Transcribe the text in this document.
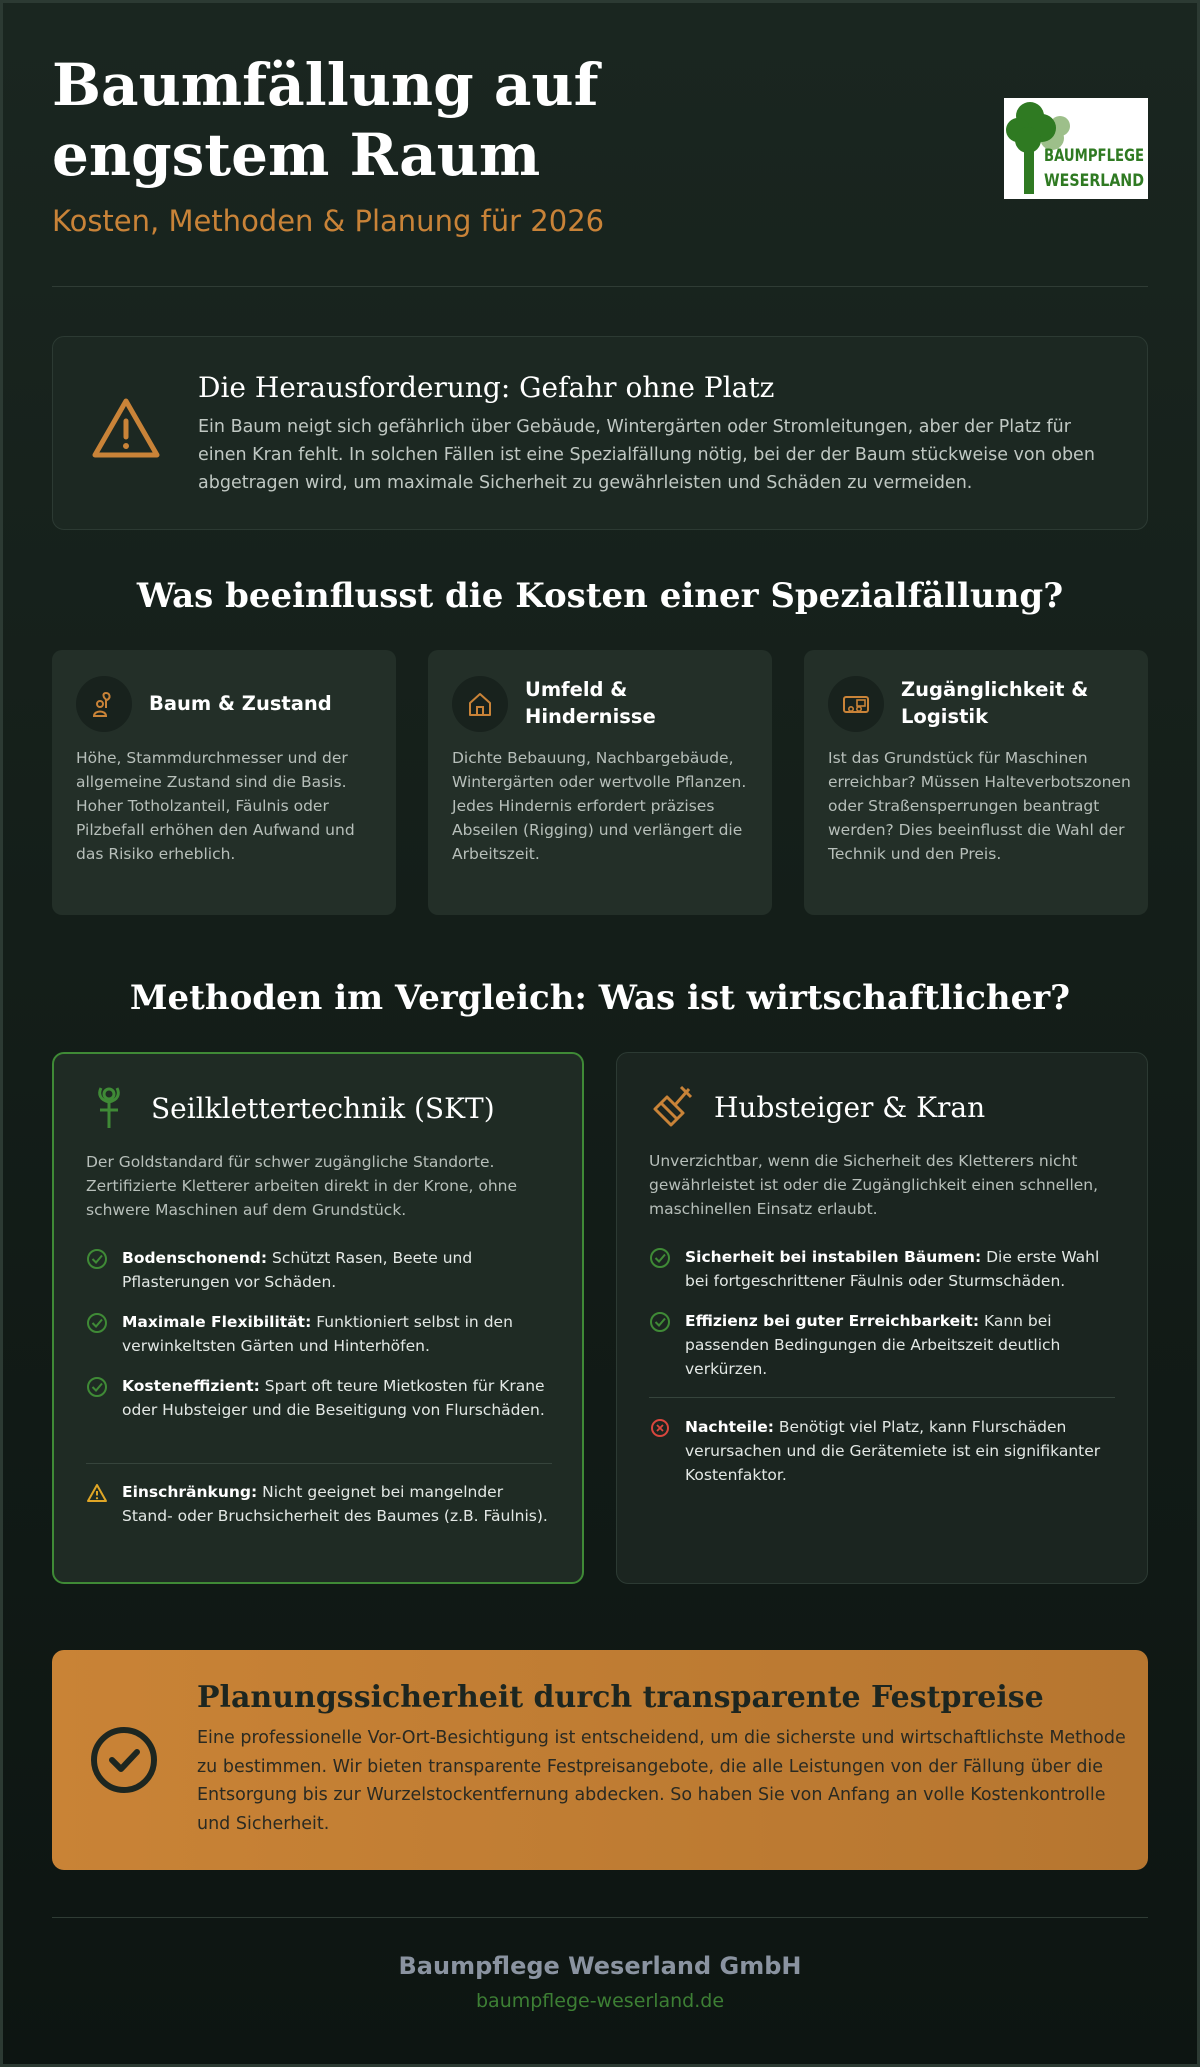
Baumfällung auf engstem Raum
Kosten, Methoden & Planung für 2026
BAUMPFLEGE
WESERLAND
Die Herausforderung: Gefahr ohne Platz

Ein Baum neigt sich gefährlich über Gebäude, Wintergärten oder Stromleitungen, aber der Platz für einen Kran fehlt. In solchen Fällen ist eine Spezialfällung nötig, bei der der Baum stückweise von oben abgetragen wird, um maximale Sicherheit zu gewährleisten und Schäden zu vermeiden.

Was beeinflusst die Kosten einer Spezialfällung?
Baum & Zustand

Höhe, Stammdurchmesser und der allgemeine Zustand sind die Basis. Hoher Totholzanteil, Fäulnis oder Pilzbefall erhöhen den Aufwand und das Risiko erheblich.

Umfeld & Hindernisse

Dichte Bebauung, Nachbargebäude, Wintergärten oder wertvolle Pflanzen. Jedes Hindernis erfordert präzises Abseilen (Rigging) und verlängert die Arbeitszeit.

Zugänglichkeit & Logistik

Ist das Grundstück für Maschinen erreichbar? Müssen Halteverbotszonen oder Straßensperrungen beantragt werden? Dies beeinflusst die Wahl der Technik und den Preis.

Methoden im Vergleich: Was ist wirtschaftlicher?
Seilklettertechnik (SKT)

Der Goldstandard für schwer zugängliche Standorte. Zertifizierte Kletterer arbeiten direkt in der Krone, ohne schwere Maschinen auf dem Grundstück.

Bodenschonend: Schützt Rasen, Beete und Pflasterungen vor Schäden.
Maximale Flexibilität: Funktioniert selbst in den verwinkeltsten Gärten und Hinterhöfen.
Kosteneffizient: Spart oft teure Mietkosten für Krane oder Hubsteiger und die Beseitigung von Flurschäden.
Einschränkung: Nicht geeignet bei mangelnder Stand- oder Bruchsicherheit des Baumes (z.B. Fäulnis).
Hubsteiger & Kran

Unverzichtbar, wenn die Sicherheit des Kletterers nicht gewährleistet ist oder die Zugänglichkeit einen schnellen, maschinellen Einsatz erlaubt.

Sicherheit bei instabilen Bäumen: Die erste Wahl bei fortgeschrittener Fäulnis oder Sturmschäden.
Effizienz bei guter Erreichbarkeit: Kann bei passenden Bedingungen die Arbeitszeit deutlich verkürzen.
Nachteile: Benötigt viel Platz, kann Flurschäden verursachen und die Gerätemiete ist ein signifikanter Kostenfaktor.
Planungssicherheit durch transparente Festpreise

Eine professionelle Vor-Ort-Besichtigung ist entscheidend, um die sicherste und wirtschaftlichste Methode zu bestimmen. Wir bieten transparente Festpreisangebote, die alle Leistungen von der Fällung über die Entsorgung bis zur Wurzelstockentfernung abdecken. So haben Sie von Anfang an volle Kostenkontrolle und Sicherheit.

Baumpflege Weserland GmbH
baumpflege-weserland.de
